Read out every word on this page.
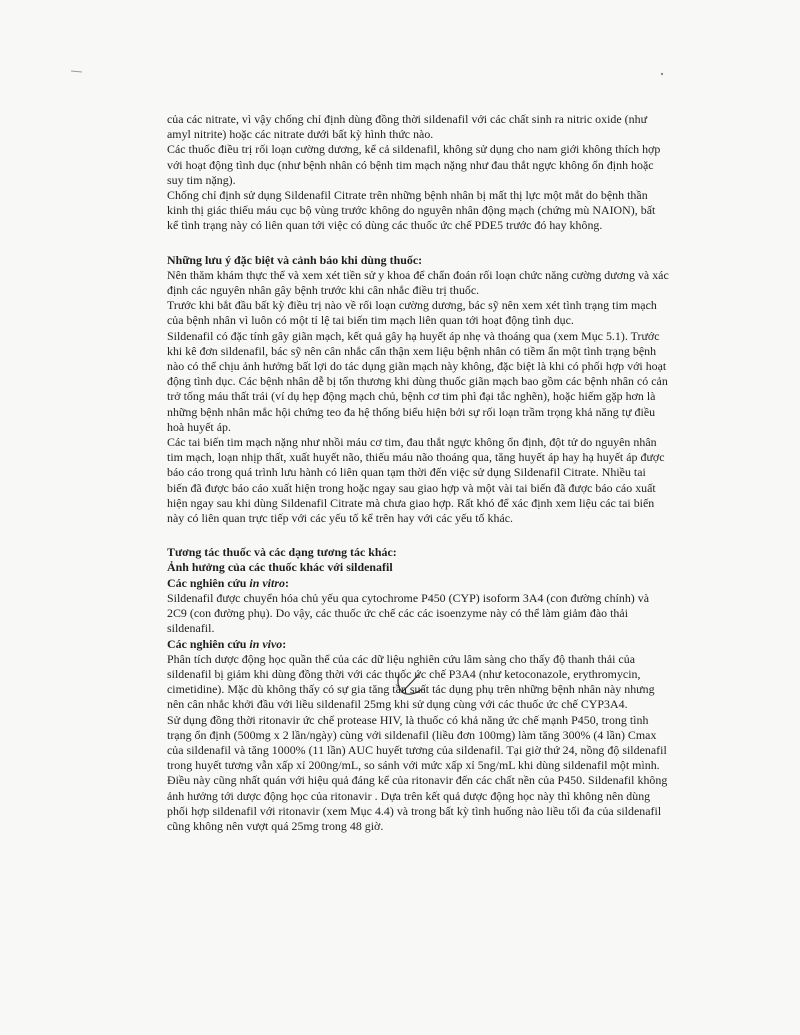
của các nitrate, vì vậy chống chỉ định dùng đồng thời sildenafil với các chất sinh ra nitric oxide (như amyl nitrite) hoặc các nitrate dưới bất kỳ hình thức nào.

Các thuốc điều trị rối loạn cường dương, kể cả sildenafil, không sử dụng cho nam giới không thích hợp với hoạt động tình dục (như bệnh nhân có bệnh tim mạch nặng như đau thắt ngực không ổn định hoặc suy tim nặng).

Chống chỉ định sử dụng Sildenafil Citrate trên những bệnh nhân bị mất thị lực một mắt do bệnh thần kinh thị giác thiếu máu cục bộ vùng trước không do nguyên nhân động mạch (chứng mù NAION), bất kể tình trạng này có liên quan tới việc có dùng các thuốc ức chế PDE5 trước đó hay không.

Những lưu ý đặc biệt và cảnh báo khi dùng thuốc:

Nên thăm khám thực thể và xem xét tiền sử y khoa để chẩn đoán rối loạn chức năng cường dương và xác định các nguyên nhân gây bệnh trước khi cân nhắc điều trị thuốc.

Trước khi bắt đầu bất kỳ điều trị nào về rối loạn cường dương, bác sỹ nên xem xét tình trạng tim mạch của bệnh nhân vì luôn có một tỉ lệ tai biến tim mạch liên quan tới hoạt động tình dục.

Sildenafil có đặc tính gây giãn mạch, kết quả gây hạ huyết áp nhẹ và thoáng qua (xem Mục 5.1). Trước khi kê đơn sildenafil, bác sỹ nên cân nhắc cẩn thận xem liệu bệnh nhân có tiềm ẩn một tình trạng bệnh nào có thể chịu ảnh hưởng bất lợi do tác dụng giãn mạch này không, đặc biệt là khi có phối hợp với hoạt động tình dục. Các bệnh nhân dễ bị tổn thương khi dùng thuốc giãn mạch bao gồm các bệnh nhân có cản trở tống máu thất trái (ví dụ hẹp động mạch chủ, bệnh cơ tim phì đại tắc nghẽn), hoặc hiếm gặp hơn là những bệnh nhân mắc hội chứng teo đa hệ thống biểu hiện bởi sự rối loạn trầm trọng khả năng tự điều hoà huyết áp.

Các tai biến tim mạch nặng như nhồi máu cơ tim, đau thắt ngực không ổn định, đột tử do nguyên nhân tim mạch, loạn nhịp thất, xuất huyết não, thiếu máu não thoáng qua, tăng huyết áp hay hạ huyết áp được báo cáo trong quá trình lưu hành có liên quan tạm thời đến việc sử dụng Sildenafil Citrate. Nhiều tai biến đã được báo cáo xuất hiện trong hoặc ngay sau giao hợp và một vài tai biến đã được báo cáo xuất hiện ngay sau khi dùng Sildenafil Citrate mà chưa giao hợp. Rất khó để xác định xem liệu các tai biến này có liên quan trực tiếp với các yếu tố kể trên hay với các yếu tố khác.

Tương tác thuốc và các dạng tương tác khác:
Ảnh hưởng của các thuốc khác với sildenafil
Các nghiên cứu in vitro:

Sildenafil được chuyển hóa chủ yếu qua cytochrome P450 (CYP) isoform 3A4 (con đường chính) và 2C9 (con đường phụ). Do vậy, các thuốc ức chế các các isoenzyme này có thể làm giảm đào thải sildenafil.

Các nghiên cứu in vivo:

Phân tích dược động học quần thể của các dữ liệu nghiên cứu lâm sàng cho thấy độ thanh thải của sildenafil bị giảm khi dùng đồng thời với các thuốc ức chế P3A4 (như ketoconazole, erythromycin, cimetidine). Mặc dù không thấy có sự gia tăng tần suất tác dụng phụ trên những bệnh nhân này nhưng nên cân nhắc khởi đầu với liều sildenafil 25mg khi sử dụng cùng với các thuốc ức chế CYP3A4.

Sử dụng đồng thời ritonavir ức chế protease HIV, là thuốc có khả năng ức chế mạnh P450, trong tình trạng ổn định (500mg x 2 lần/ngày) cùng với sildenafil (liều đơn 100mg) làm tăng 300% (4 lần) Cmax của sildenafil và tăng 1000% (11 lần) AUC huyết tương của sildenafil. Tại giờ thứ 24, nồng độ sildenafil trong huyết tương vẫn xấp xỉ 200ng/mL, so sánh với mức xấp xỉ 5ng/mL khi dùng sildenafil một mình. Điều này cũng nhất quán với hiệu quả đáng kể của ritonavir đến các chất nền của P450. Sildenafil không ảnh hưởng tới dược động học của ritonavir . Dựa trên kết quả dược động học này thì không nên dùng phối hợp sildenafil với ritonavir (xem Mục 4.4) và trong bất kỳ tình huống nào liều tối đa của sildenafil cũng không nên vượt quá 25mg trong 48 giờ.
